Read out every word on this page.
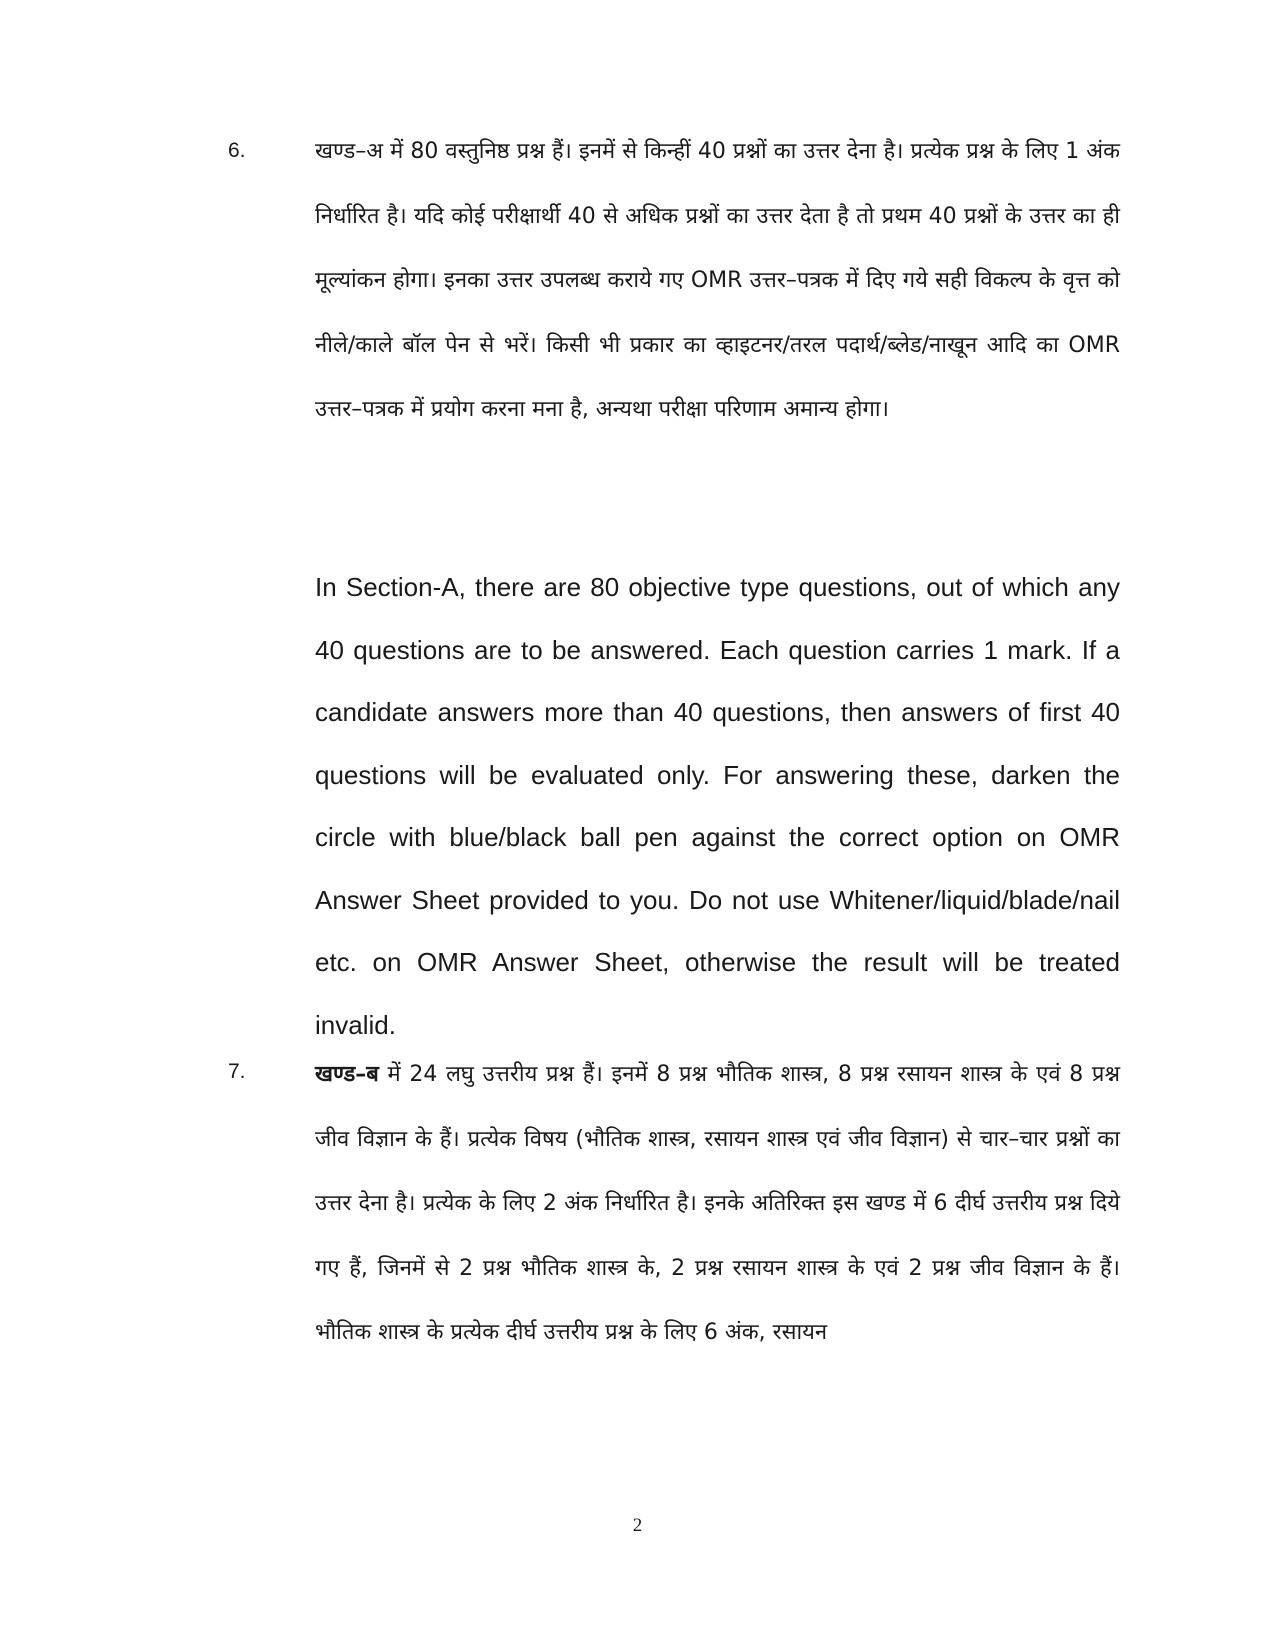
6.	खण्ड–अ में 80 वस्तुनिष्ठ प्रश्न हैं। इनमें से किन्हीं 40 प्रश्नों का उत्तर देना है। प्रत्येक प्रश्न के लिए 1 अंक निर्धारित है। यदि कोई परीक्षार्थी 40 से अधिक प्रश्नों का उत्तर देता है तो प्रथम 40 प्रश्नों के उत्तर का ही मूल्यांकन होगा। इनका उत्तर उपलब्ध कराये गए OMR उत्तर–पत्रक में दिए गये सही विकल्प के वृत्त को नीले/काले बॉल पेन से भरें। किसी भी प्रकार का व्हाइटनर/तरल पदार्थ/ब्लेड/नाखून आदि का OMR उत्तर–पत्रक में प्रयोग करना मना है, अन्यथा परीक्षा परिणाम अमान्य होगा।

In Section-A, there are 80 objective type questions, out of which any 40 questions are to be answered. Each question carries 1 mark. If a candidate answers more than 40 questions, then answers of first 40 questions will be evaluated only. For answering these, darken the circle with blue/black ball pen against the correct option on OMR Answer Sheet provided to you. Do not use Whitener/liquid/blade/nail etc. on OMR Answer Sheet, otherwise the result will be treated invalid.

7.	खण्ड–ब में 24 लघु उत्तरीय प्रश्न हैं। इनमें 8 प्रश्न भौतिक शास्त्र, 8 प्रश्न रसायन शास्त्र के एवं 8 प्रश्न जीव विज्ञान के हैं। प्रत्येक विषय (भौतिक शास्त्र, रसायन शास्त्र एवं जीव विज्ञान) से चार–चार प्रश्नों का उत्तर देना है। प्रत्येक के लिए 2 अंक निर्धारित है। इनके अतिरिक्त इस खण्ड में 6 दीर्घ उत्तरीय प्रश्न दिये गए हैं, जिनमें से 2 प्रश्न भौतिक शास्त्र के, 2 प्रश्न रसायन शास्त्र के एवं 2 प्रश्न जीव विज्ञान के हैं। भौतिक शास्त्र के प्रत्येक दीर्घ उत्तरीय प्रश्न के लिए 6 अंक, रसायन

2
